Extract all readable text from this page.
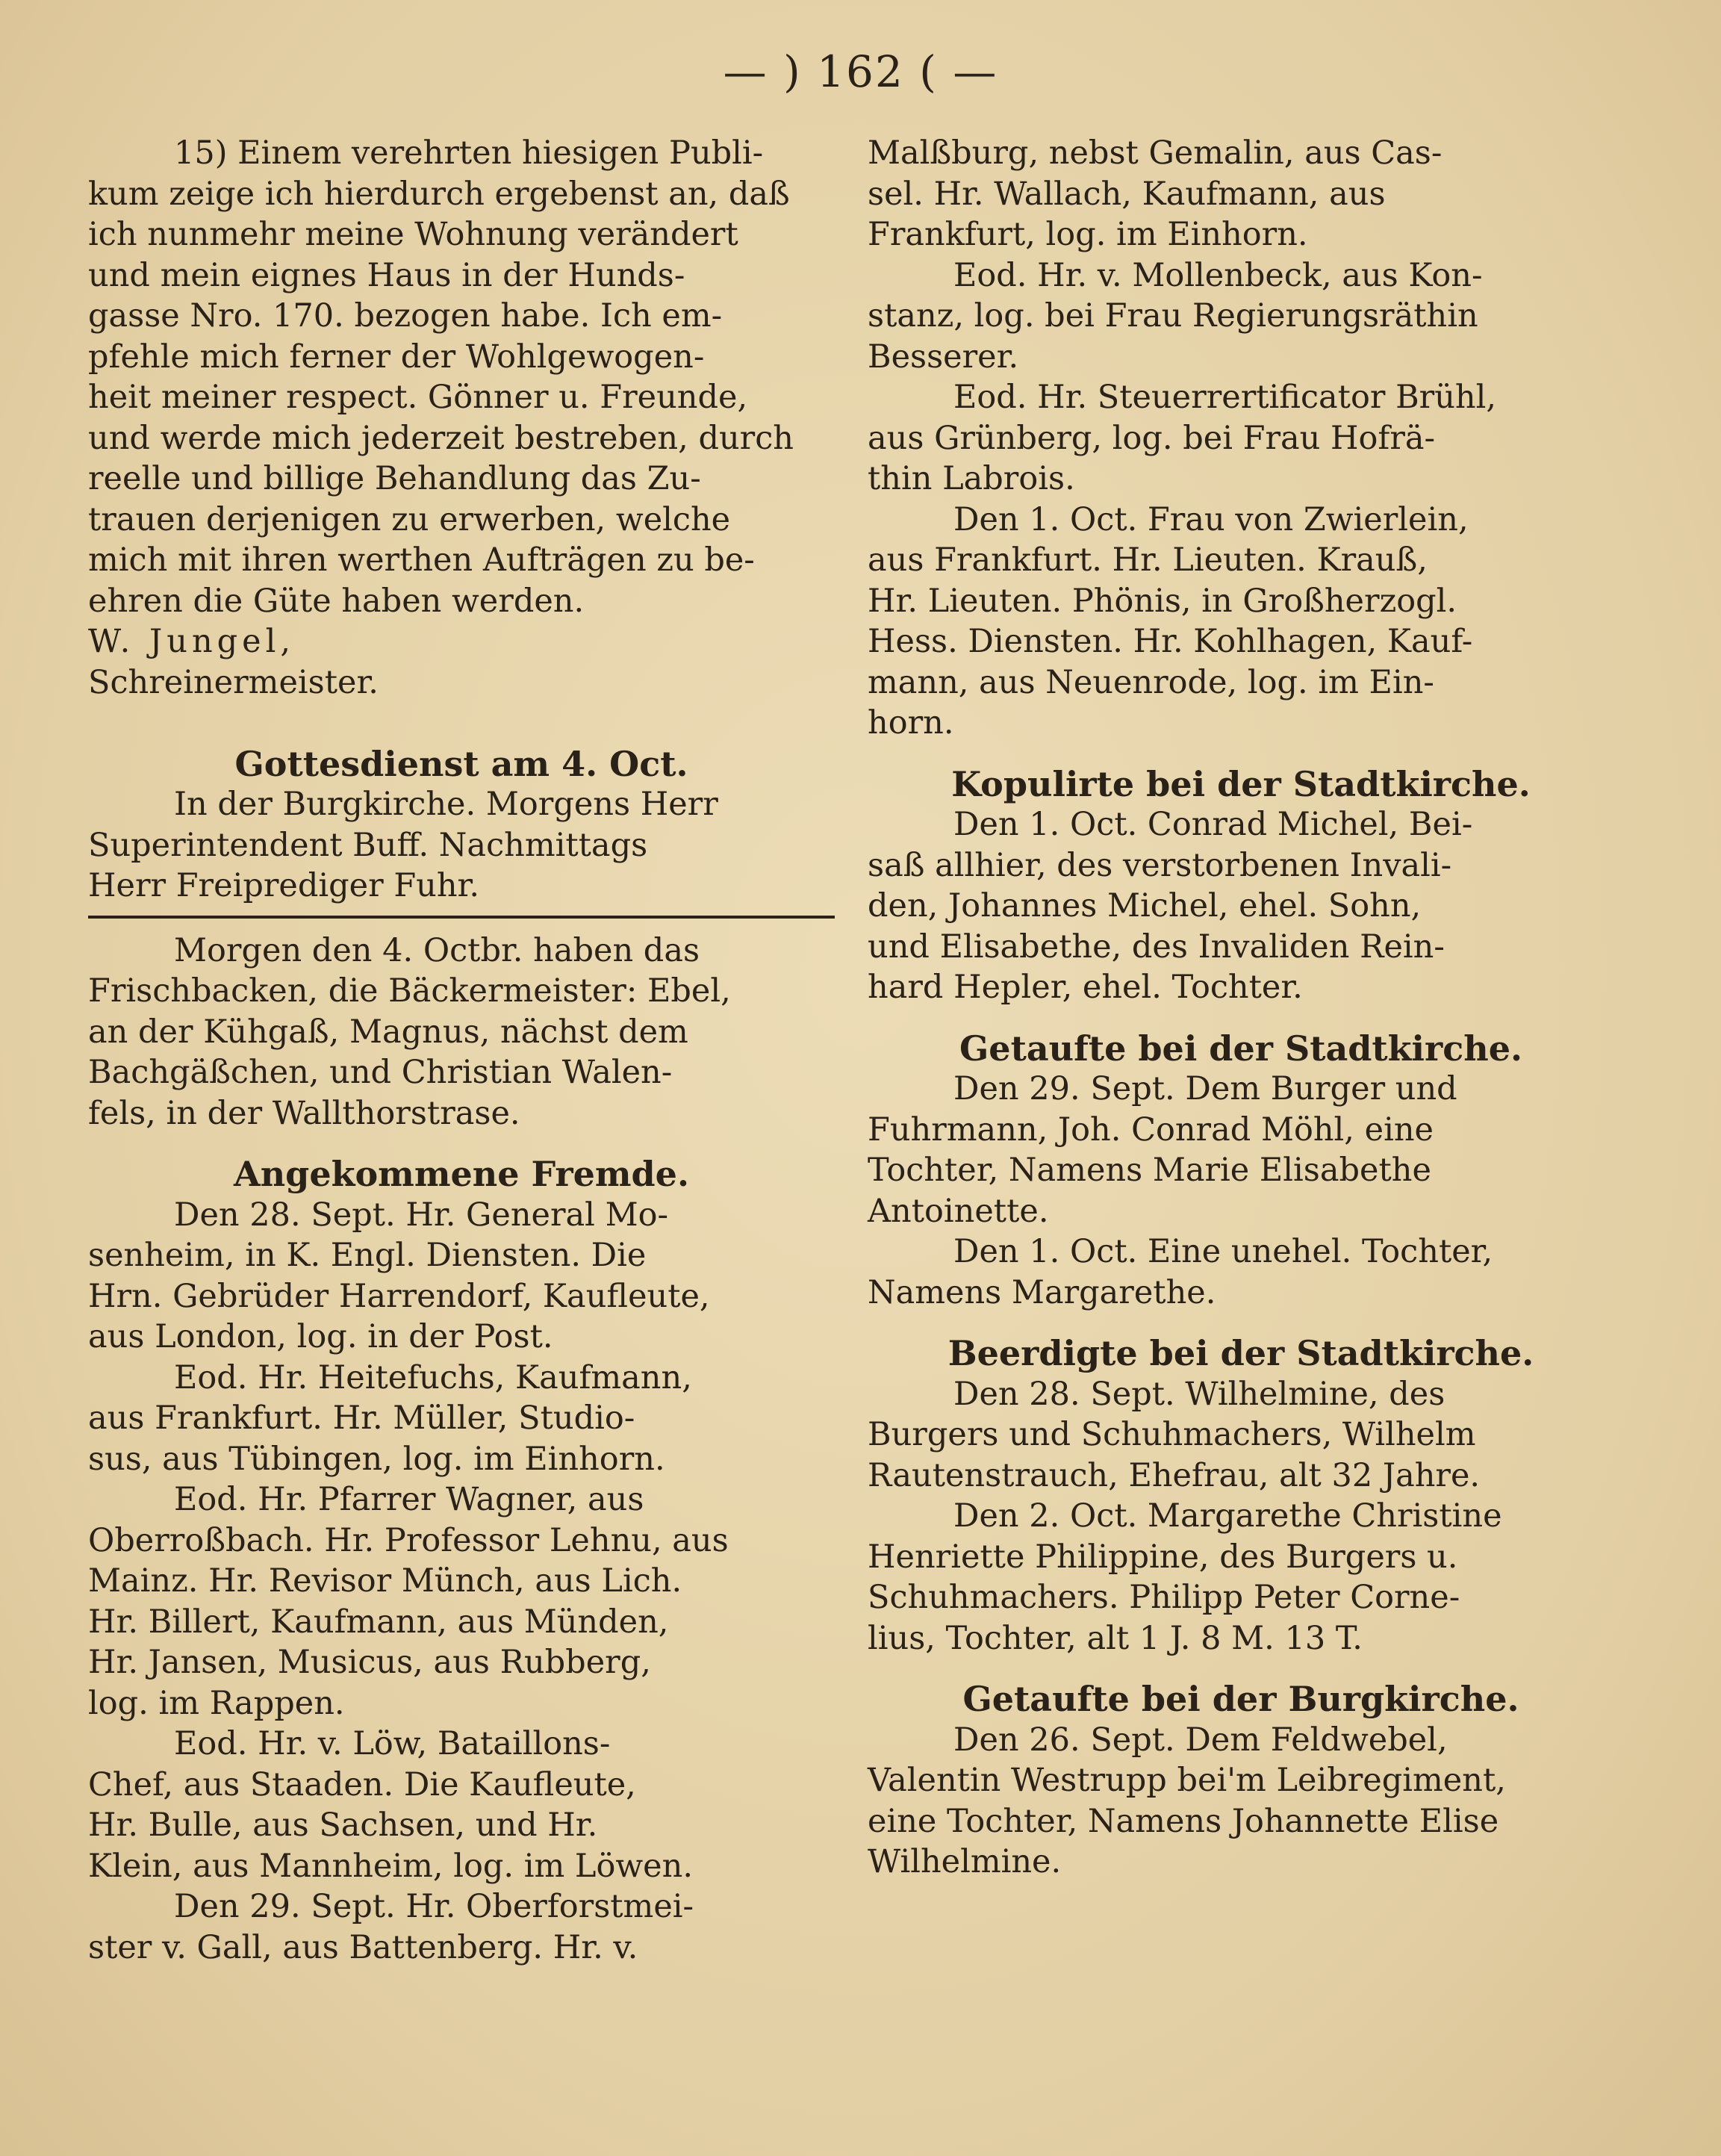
— ) 162 ( —

15) Einem verehrten hiesigen Publi-

kum zeige ich hierdurch ergebenst an, daß

ich nunmehr meine Wohnung verändert

und mein eignes Haus in der Hunds-

gasse Nro. 170. bezogen habe. Ich em-

pfehle mich ferner der Wohlgewogen-

heit meiner respect. Gönner u. Freunde,

und werde mich jederzeit bestreben, durch

reelle und billige Behandlung das Zu-

trauen derjenigen zu erwerben, welche

mich mit ihren werthen Aufträgen zu be-

ehren die Güte haben werden.

W. Jungel,

Schreinermeister.

Gottesdienst am 4. Oct.

In der Burgkirche. Morgens Herr

Superintendent Buff. Nachmittags

Herr Freiprediger Fuhr.

Morgen den 4. Octbr. haben das

Frischbacken, die Bäckermeister: Ebel,

an der Kühgaß, Magnus, nächst dem

Bachgäßchen, und Christian Walen-

fels, in der Wallthorstrase.

Angekommene Fremde.

Den 28. Sept. Hr. General Mo-

senheim, in K. Engl. Diensten. Die

Hrn. Gebrüder Harrendorf, Kaufleute,

aus London, log. in der Post.

Eod. Hr. Heitefuchs, Kaufmann,

aus Frankfurt. Hr. Müller, Studio-

sus, aus Tübingen, log. im Einhorn.

Eod. Hr. Pfarrer Wagner, aus

Oberroßbach. Hr. Professor Lehnu, aus

Mainz. Hr. Revisor Münch, aus Lich.

Hr. Billert, Kaufmann, aus Münden,

Hr. Jansen, Musicus, aus Rubberg,

log. im Rappen.

Eod. Hr. v. Löw, Bataillons-

Chef, aus Staaden. Die Kaufleute,

Hr. Bulle, aus Sachsen, und Hr.

Klein, aus Mannheim, log. im Löwen.

Den 29. Sept. Hr. Oberforstmei-

ster v. Gall, aus Battenberg. Hr. v.

Malßburg, nebst Gemalin, aus Cas-

sel. Hr. Wallach, Kaufmann, aus

Frankfurt, log. im Einhorn.

Eod. Hr. v. Mollenbeck, aus Kon-

stanz, log. bei Frau Regierungsräthin

Besserer.

Eod. Hr. Steuerrertificator Brühl,

aus Grünberg, log. bei Frau Hofrä-

thin Labrois.

Den 1. Oct. Frau von Zwierlein,

aus Frankfurt. Hr. Lieuten. Krauß,

Hr. Lieuten. Phönis, in Großherzogl.

Hess. Diensten. Hr. Kohlhagen, Kauf-

mann, aus Neuenrode, log. im Ein-

horn.

Kopulirte bei der Stadtkirche.

Den 1. Oct. Conrad Michel, Bei-

saß allhier, des verstorbenen Invali-

den, Johannes Michel, ehel. Sohn,

und Elisabethe, des Invaliden Rein-

hard Hepler, ehel. Tochter.

Getaufte bei der Stadtkirche.

Den 29. Sept. Dem Burger und

Fuhrmann, Joh. Conrad Möhl, eine

Tochter, Namens Marie Elisabethe

Antoinette.

Den 1. Oct. Eine unehel. Tochter,

Namens Margarethe.

Beerdigte bei der Stadtkirche.

Den 28. Sept. Wilhelmine, des

Burgers und Schuhmachers, Wilhelm

Rautenstrauch, Ehefrau, alt 32 Jahre.

Den 2. Oct. Margarethe Christine

Henriette Philippine, des Burgers u.

Schuhmachers. Philipp Peter Corne-

lius, Tochter, alt 1 J. 8 M. 13 T.

Getaufte bei der Burgkirche.

Den 26. Sept. Dem Feldwebel,

Valentin Westrupp bei'm Leibregiment,

eine Tochter, Namens Johannette Elise

Wilhelmine.
